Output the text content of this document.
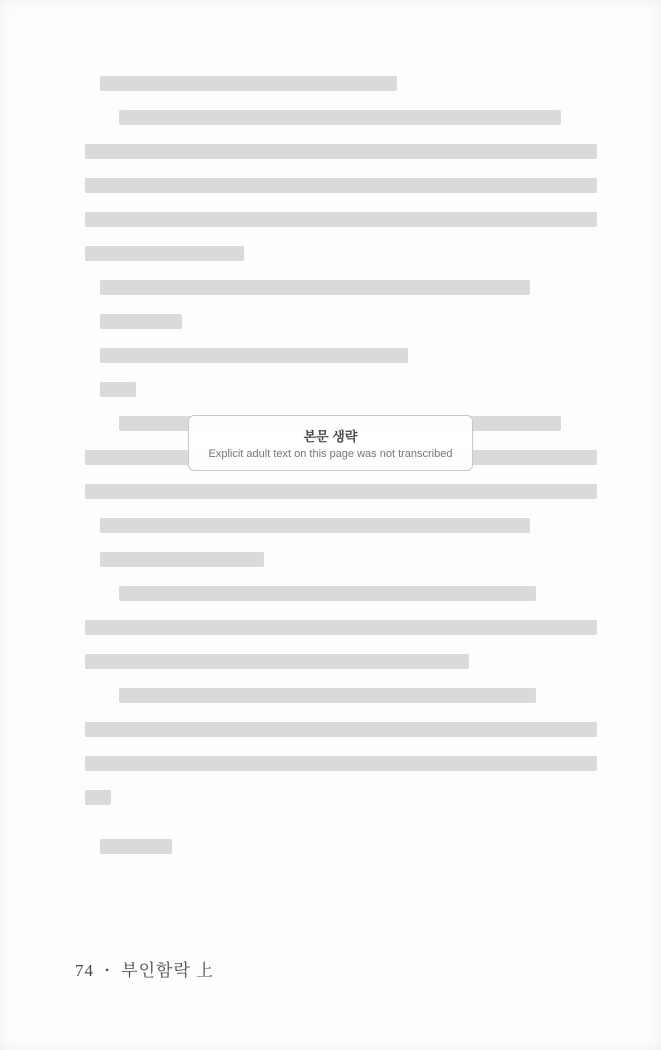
본문 생략
Explicit adult text on this page was not transcribed
74 • 부인함락 上
